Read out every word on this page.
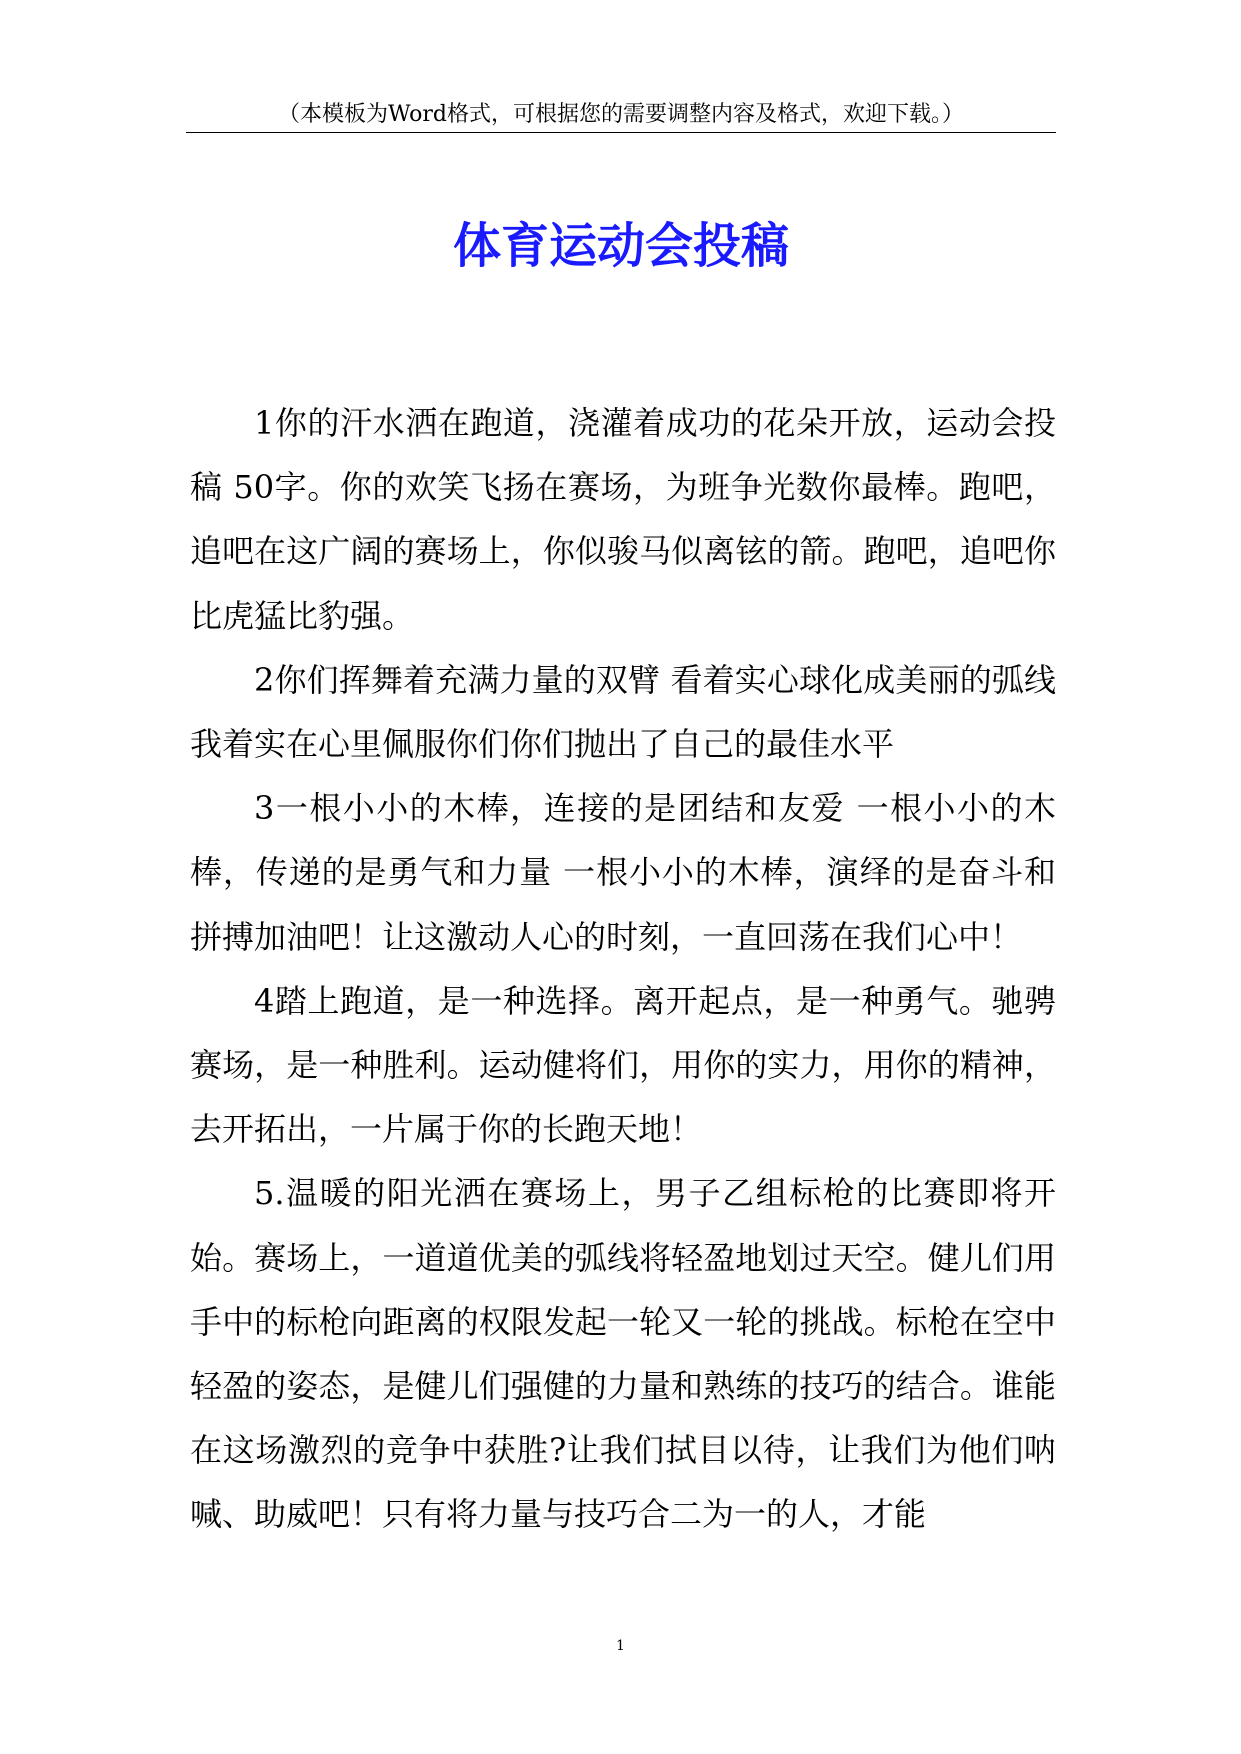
（本模板为Word格式，可根据您的需要调整内容及格式，欢迎下载。）
体育运动会投稿

1你的汗水洒在跑道，浇灌着成功的花朵开放，运动会投稿 50字。你的欢笑飞扬在赛场，为班争光数你最棒。跑吧，追吧在这广阔的赛场上，你似骏马似离铉的箭。跑吧，追吧你比虎猛比豹强。

2你们挥舞着充满力量的双臂 看着实心球化成美丽的弧线 我着实在心里佩服你们你们抛出了自己的最佳水平

3一根小小的木棒，连接的是团结和友爱 一根小小的木棒，传递的是勇气和力量 一根小小的木棒，演绎的是奋斗和拼搏加油吧！让这激动人心的时刻，一直回荡在我们心中！

4踏上跑道，是一种选择。离开起点，是一种勇气。驰骋赛场，是一种胜利。运动健将们，用你的实力，用你的精神，去开拓出，一片属于你的长跑天地！

5.温暖的阳光洒在赛场上，男子乙组标枪的比赛即将开始。赛场上，一道道优美的弧线将轻盈地划过天空。健儿们用手中的标枪向距离的权限发起一轮又一轮的挑战。标枪在空中轻盈的姿态，是健儿们强健的力量和熟练的技巧的结合。谁能在这场激烈的竞争中获胜?让我们拭目以待，让我们为他们呐喊、助威吧！只有将力量与技巧合二为一的人，才能

1
